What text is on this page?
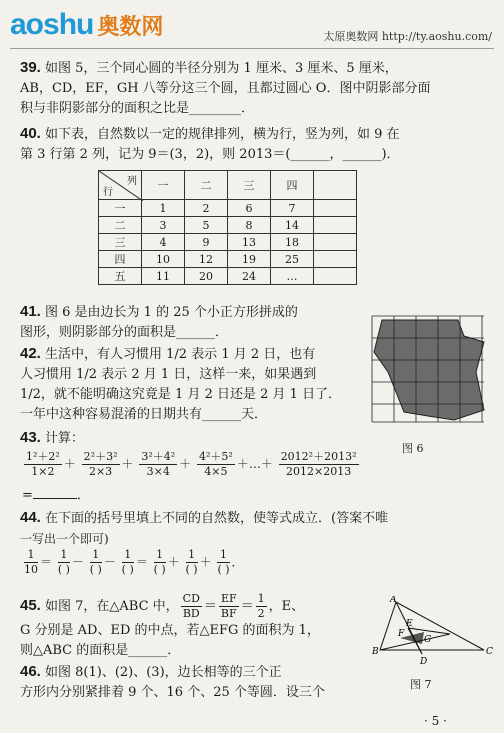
aoshu 奥数网	太原奥数网 http://ty.aoshu.com/
39. 如图 5，三个同心圆的半径分别为 1 厘米、3 厘米、5 厘米，
AB，CD，EF，GH 八等分这三个圆，且都过圆心 O．图中阴影部分面
积与非阴影部分的面积之比是________．
40. 如下表，自然数以一定的规律排列，横为行，竖为列，如 9 在
第 3 行第 2 列，记为 9＝(3，2)，则 2013＝(______，______)．
列
行	一	二	三	四	
一	1	2	6	7	
二	3	5	8	14	
三	4	9	13	18	
四	10	12	19	25	
五	11	20	24	…	
41. 图 6 是由边长为 1 的 25 个小正方形拼成的
图形，则阴影部分的面积是______．
图 6
42. 生活中，有人习惯用 1/2 表示 1 月 2 日，也有
人习惯用 1/2 表示 2 月 1 日，这样一来，如果遇到
1/2，就不能明确这究竟是 1 月 2 日还是 2 月 1 日了．
一年中这种容易混淆的日期共有______天．
43. 计算：
$\frac{\text{1²＋2²}}{1\times 2} + \frac{\text{2²＋3²}}{2\times 3} + \frac{\text{3²＋4²}}{3\times 4} + \frac{\text{4²＋5²}}{4\times 5}$ ＋…＋ $\frac{\text{2012²＋2013²}}{2012\times 2013}$
=	．
44. 在下面的括号里填上不同的自然数，使等式成立．(答案不唯
一写出一个即可)
$\frac{1}{10} = \frac{1}{( )} - \frac{1}{( )} - \frac{1}{( )} = \frac{1}{( )} + \frac{1}{( )} + \frac{1}{( )}$ ．
45. 如图 7，在△ABC 中， $\frac{CD}{BD} = \frac{EF}{BF} = \frac{1}{2}$ ，E、
G 分别是 AD、ED 的中点，若△EFG 的面积为 1，
则△ABC 的面积是______．
A
B	C
D
F
E
G
图 7
46. 如图 8(1)、(2)、(3)，边长相等的三个正
方形内分别紧排着 9 个、16 个、25 个等圆．设三个
· 5 ·
